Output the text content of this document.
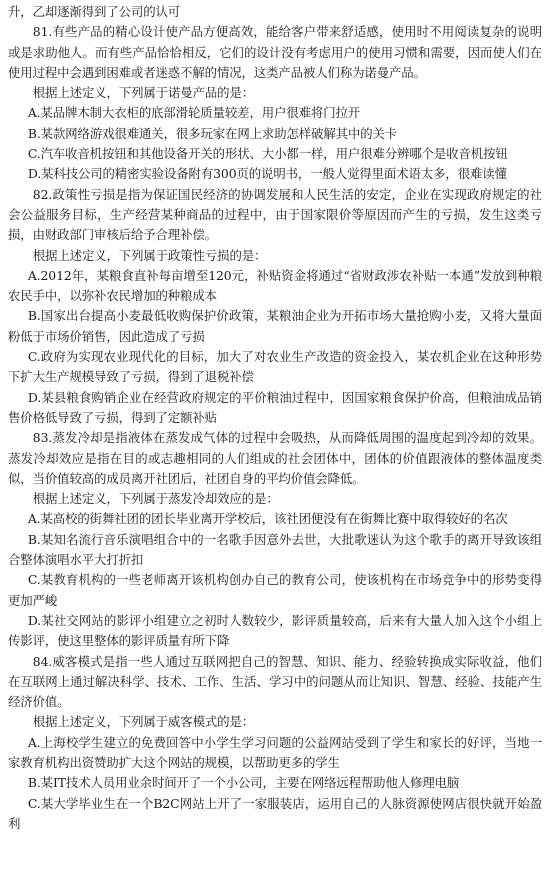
升，乙却逐渐得到了公司的认可

81.有些产品的精心设计使产品方便高效，能给客户带来舒适感，使用时不用阅读复杂的说明或是求助他人。而有些产品恰恰相反，它们的设计没有考虑用户的使用习惯和需要，因而使人们在使用过程中会遇到困难或者迷惑不解的情况，这类产品被人们称为诺曼产品。

根据上述定义，下列属于诺曼产品的是：

A.某品牌木制大衣柜的底部滑轮质量较差，用户很难将门拉开

B.某款网络游戏很难通关，很多玩家在网上求助怎样破解其中的关卡

C.汽车收音机按钮和其他设备开关的形状、大小都一样，用户很难分辨哪个是收音机按钮

D.某科技公司的精密实验设备附有300页的说明书，一般人觉得里面术语太多，很难读懂

82.政策性亏损是指为保证国民经济的协调发展和人民生活的安定，企业在实现政府规定的社会公益服务目标，生产经营某种商品的过程中，由于国家限价等原因而产生的亏损，发生这类亏损，由财政部门审核后给予合理补偿。

根据上述定义，下列属于政策性亏损的是：

A.2012年，某粮食直补每亩增至120元，补贴资金将通过“省财政涉农补贴一本通”发放到种粮农民手中，以弥补农民增加的种粮成本

B.国家出台提高小麦最低收购保护价政策，某粮油企业为开拓市场大量抢购小麦，又将大量面粉低于市场价销售，因此造成了亏损

C.政府为实现农业现代化的目标，加大了对农业生产改造的资金投入，某农机企业在这种形势下扩大生产规模导致了亏损，得到了退税补偿

D.某县粮食购销企业在经营政府规定的平价粮油过程中，因国家粮食保护价高，但粮油成品销售价格低导致了亏损，得到了定额补贴

83.蒸发冷却是指液体在蒸发成气体的过程中会吸热，从而降低周围的温度起到冷却的效果。蒸发冷却效应是指在目的或志趣相同的人们组成的社会团体中，团体的价值跟液体的整体温度类似，当价值较高的成员离开社团后，社团自身的平均价值会降低。

根据上述定义，下列属于蒸发冷却效应的是：

A.某高校的街舞社团的团长毕业离开学校后，该社团便没有在街舞比赛中取得较好的名次

B.某知名流行音乐演唱组合中的一名歌手因意外去世，大批歌迷认为这个歌手的离开导致该组合整体演唱水平大打折扣

C.某教育机构的一些老师离开该机构创办自己的教育公司，使该机构在市场竞争中的形势变得更加严峻

D.某社交网站的影评小组建立之初时人数较少，影评质量较高，后来有大量人加入这个小组上传影评，使这里整体的影评质量有所下降

84.威客模式是指一些人通过互联网把自己的智慧、知识、能力、经验转换成实际收益，他们在互联网上通过解决科学、技术、工作、生活、学习中的问题从而让知识、智慧、经验、技能产生经济价值。

根据上述定义，下列属于威客模式的是：

A.上海校学生建立的免费回答中小学生学习问题的公益网站受到了学生和家长的好评，当地一家教育机构出资赞助扩大这个网站的规模，以帮助更多的学生

B.某IT技术人员用业余时间开了一个小公司，主要在网络远程帮助他人修理电脑

C.某大学毕业生在一个B2C网站上开了一家服装店，运用自己的人脉资源使网店很快就开始盈利
